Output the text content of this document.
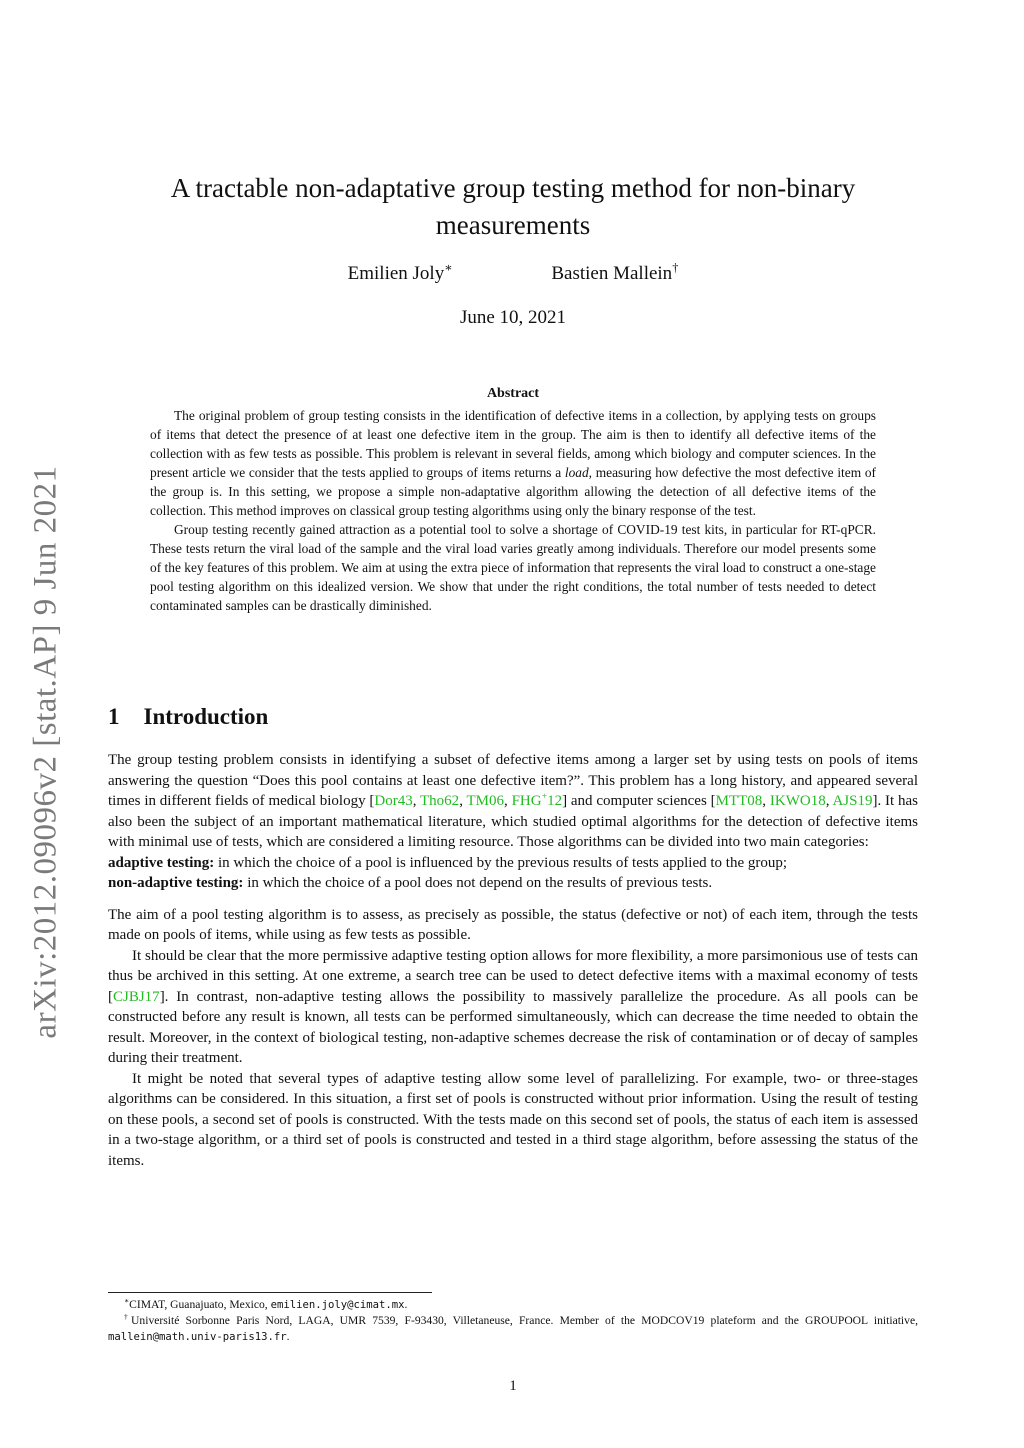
arXiv:2012.09096v2 [stat.AP] 9 Jun 2021
A tractable non-adaptative group testing method for non-binary measurements
Emilien Joly∗	Bastien Mallein†
June 10, 2021
Abstract

The original problem of group testing consists in the identification of defective items in a collection, by applying tests on groups of items that detect the presence of at least one defective item in the group. The aim is then to identify all defective items of the collection with as few tests as possible. This problem is relevant in several fields, among which biology and computer sciences. In the present article we consider that the tests applied to groups of items returns a load, measuring how defective the most defective item of the group is. In this setting, we propose a simple non-adaptative algorithm allowing the detection of all defective items of the collection. This method improves on classical group testing algorithms using only the binary response of the test.

Group testing recently gained attraction as a potential tool to solve a shortage of COVID-19 test kits, in particular for RT-qPCR. These tests return the viral load of the sample and the viral load varies greatly among individuals. Therefore our model presents some of the key features of this problem. We aim at using the extra piece of information that represents the viral load to construct a one-stage pool testing algorithm on this idealized version. We show that under the right conditions, the total number of tests needed to detect contaminated samples can be drastically diminished.

1 Introduction

The group testing problem consists in identifying a subset of defective items among a larger set by using tests on pools of items answering the question “Does this pool contains at least one defective item?”. This problem has a long history, and appeared several times in different fields of medical biology [Dor43, Tho62, TM06, FHG+12] and computer sciences [MTT08, IKWO18, AJS19]. It has also been the subject of an important mathematical literature, which studied optimal algorithms for the detection of defective items with minimal use of tests, which are considered a limiting resource. Those algorithms can be divided into two main categories:

adaptive testing: in which the choice of a pool is influenced by the previous results of tests applied to the group;

non-adaptive testing: in which the choice of a pool does not depend on the results of previous tests.

The aim of a pool testing algorithm is to assess, as precisely as possible, the status (defective or not) of each item, through the tests made on pools of items, while using as few tests as possible.

It should be clear that the more permissive adaptive testing option allows for more flexibility, a more parsimonious use of tests can thus be archived in this setting. At one extreme, a search tree can be used to detect defective items with a maximal economy of tests [CJBJ17]. In contrast, non-adaptive testing allows the possibility to massively parallelize the procedure. As all pools can be constructed before any result is known, all tests can be performed simultaneously, which can decrease the time needed to obtain the result. Moreover, in the context of biological testing, non-adaptive schemes decrease the risk of contamination or of decay of samples during their treatment.

It might be noted that several types of adaptive testing allow some level of parallelizing. For example, two- or three-stages algorithms can be considered. In this situation, a first set of pools is constructed without prior information. Using the result of testing on these pools, a second set of pools is constructed. With the tests made on this second set of pools, the status of each item is assessed in a two-stage algorithm, or a third set of pools is constructed and tested in a third stage algorithm, before assessing the status of the items.

∗CIMAT, Guanajuato, Mexico, emilien.joly@cimat.mx.

†Université Sorbonne Paris Nord, LAGA, UMR 7539, F-93430, Villetaneuse, France. Member of the MODCOV19 plateform and the GROUPOOL initiative, mallein@math.univ-paris13.fr.

1
